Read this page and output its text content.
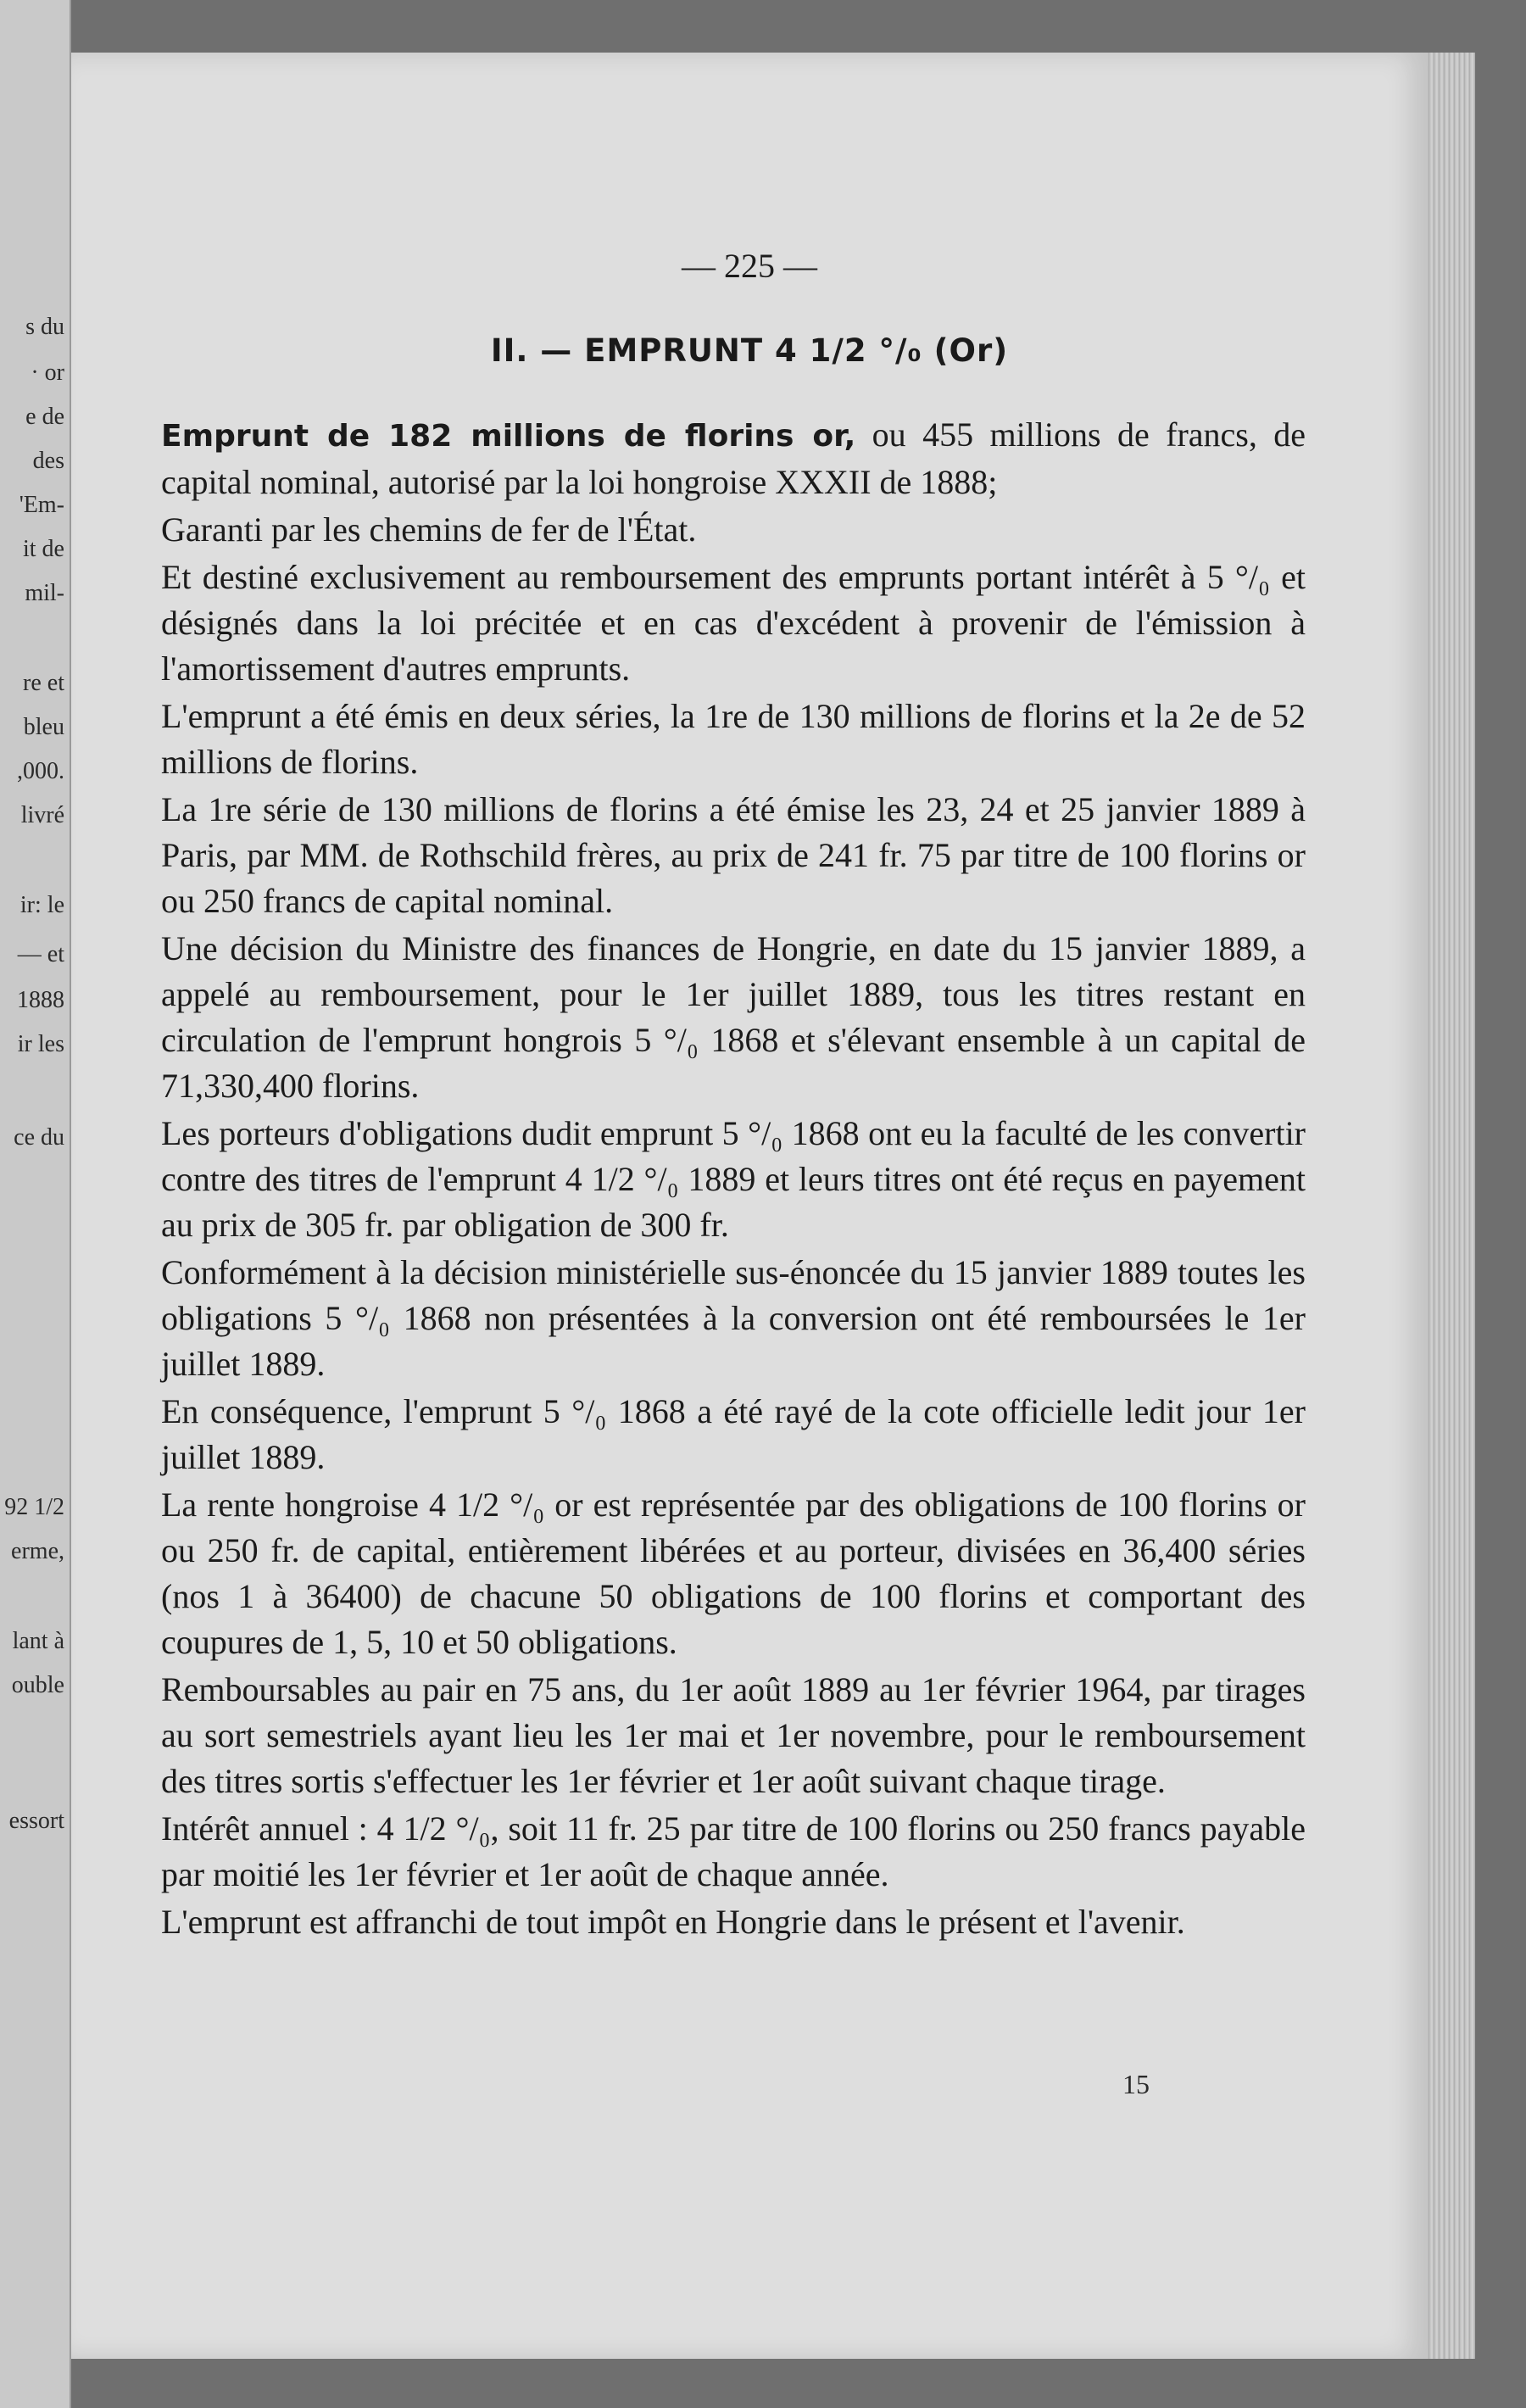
s du
· or
e de
des
'Em-
it de
mil-
re et
bleu
,000.
livré
ir: le
— et
1888
ir les
ce du
92 1/2
erme,
lant à
ouble
essort
— 225 —
II. — EMPRUNT 4 1/2 °/₀ (Or)

Emprunt de 182 millions de florins or, ou 455 millions de francs, de capital nominal, autorisé par la loi hongroise XXXII de 1888;

Garanti par les chemins de fer de l'État.

Et destiné exclusivement au remboursement des emprunts portant intérêt à 5 °/₀ et désignés dans la loi précitée et en cas d'excédent à provenir de l'émission à l'amortissement d'autres emprunts.

L'emprunt a été émis en deux séries, la 1re de 130 millions de florins et la 2e de 52 millions de florins.

La 1re série de 130 millions de florins a été émise les 23, 24 et 25 janvier 1889 à Paris, par MM. de Rothschild frères, au prix de 241 fr. 75 par titre de 100 florins or ou 250 francs de capital nominal.

Une décision du Ministre des finances de Hongrie, en date du 15 janvier 1889, a appelé au remboursement, pour le 1er juillet 1889, tous les titres restant en circulation de l'emprunt hongrois 5 °/₀ 1868 et s'élevant ensemble à un capital de 71,330,400 florins.

Les porteurs d'obligations dudit emprunt 5 °/₀ 1868 ont eu la faculté de les convertir contre des titres de l'emprunt 4 1/2 °/₀ 1889 et leurs titres ont été reçus en payement au prix de 305 fr. par obligation de 300 fr.

Conformément à la décision ministérielle sus-énoncée du 15 janvier 1889 toutes les obligations 5 °/₀ 1868 non présentées à la conversion ont été remboursées le 1er juillet 1889.

En conséquence, l'emprunt 5 °/₀ 1868 a été rayé de la cote officielle ledit jour 1er juillet 1889.

La rente hongroise 4 1/2 °/₀ or est représentée par des obligations de 100 florins or ou 250 fr. de capital, entièrement libérées et au porteur, divisées en 36,400 séries (nos 1 à 36400) de chacune 50 obligations de 100 florins et comportant des coupures de 1, 5, 10 et 50 obligations.

Remboursables au pair en 75 ans, du 1er août 1889 au 1er février 1964, par tirages au sort semestriels ayant lieu les 1er mai et 1er novembre, pour le remboursement des titres sortis s'effectuer les 1er février et 1er août suivant chaque tirage.

Intérêt annuel : 4 1/2 °/₀, soit 11 fr. 25 par titre de 100 florins ou 250 francs payable par moitié les 1er février et 1er août de chaque année.

L'emprunt est affranchi de tout impôt en Hongrie dans le présent et l'avenir.

15
